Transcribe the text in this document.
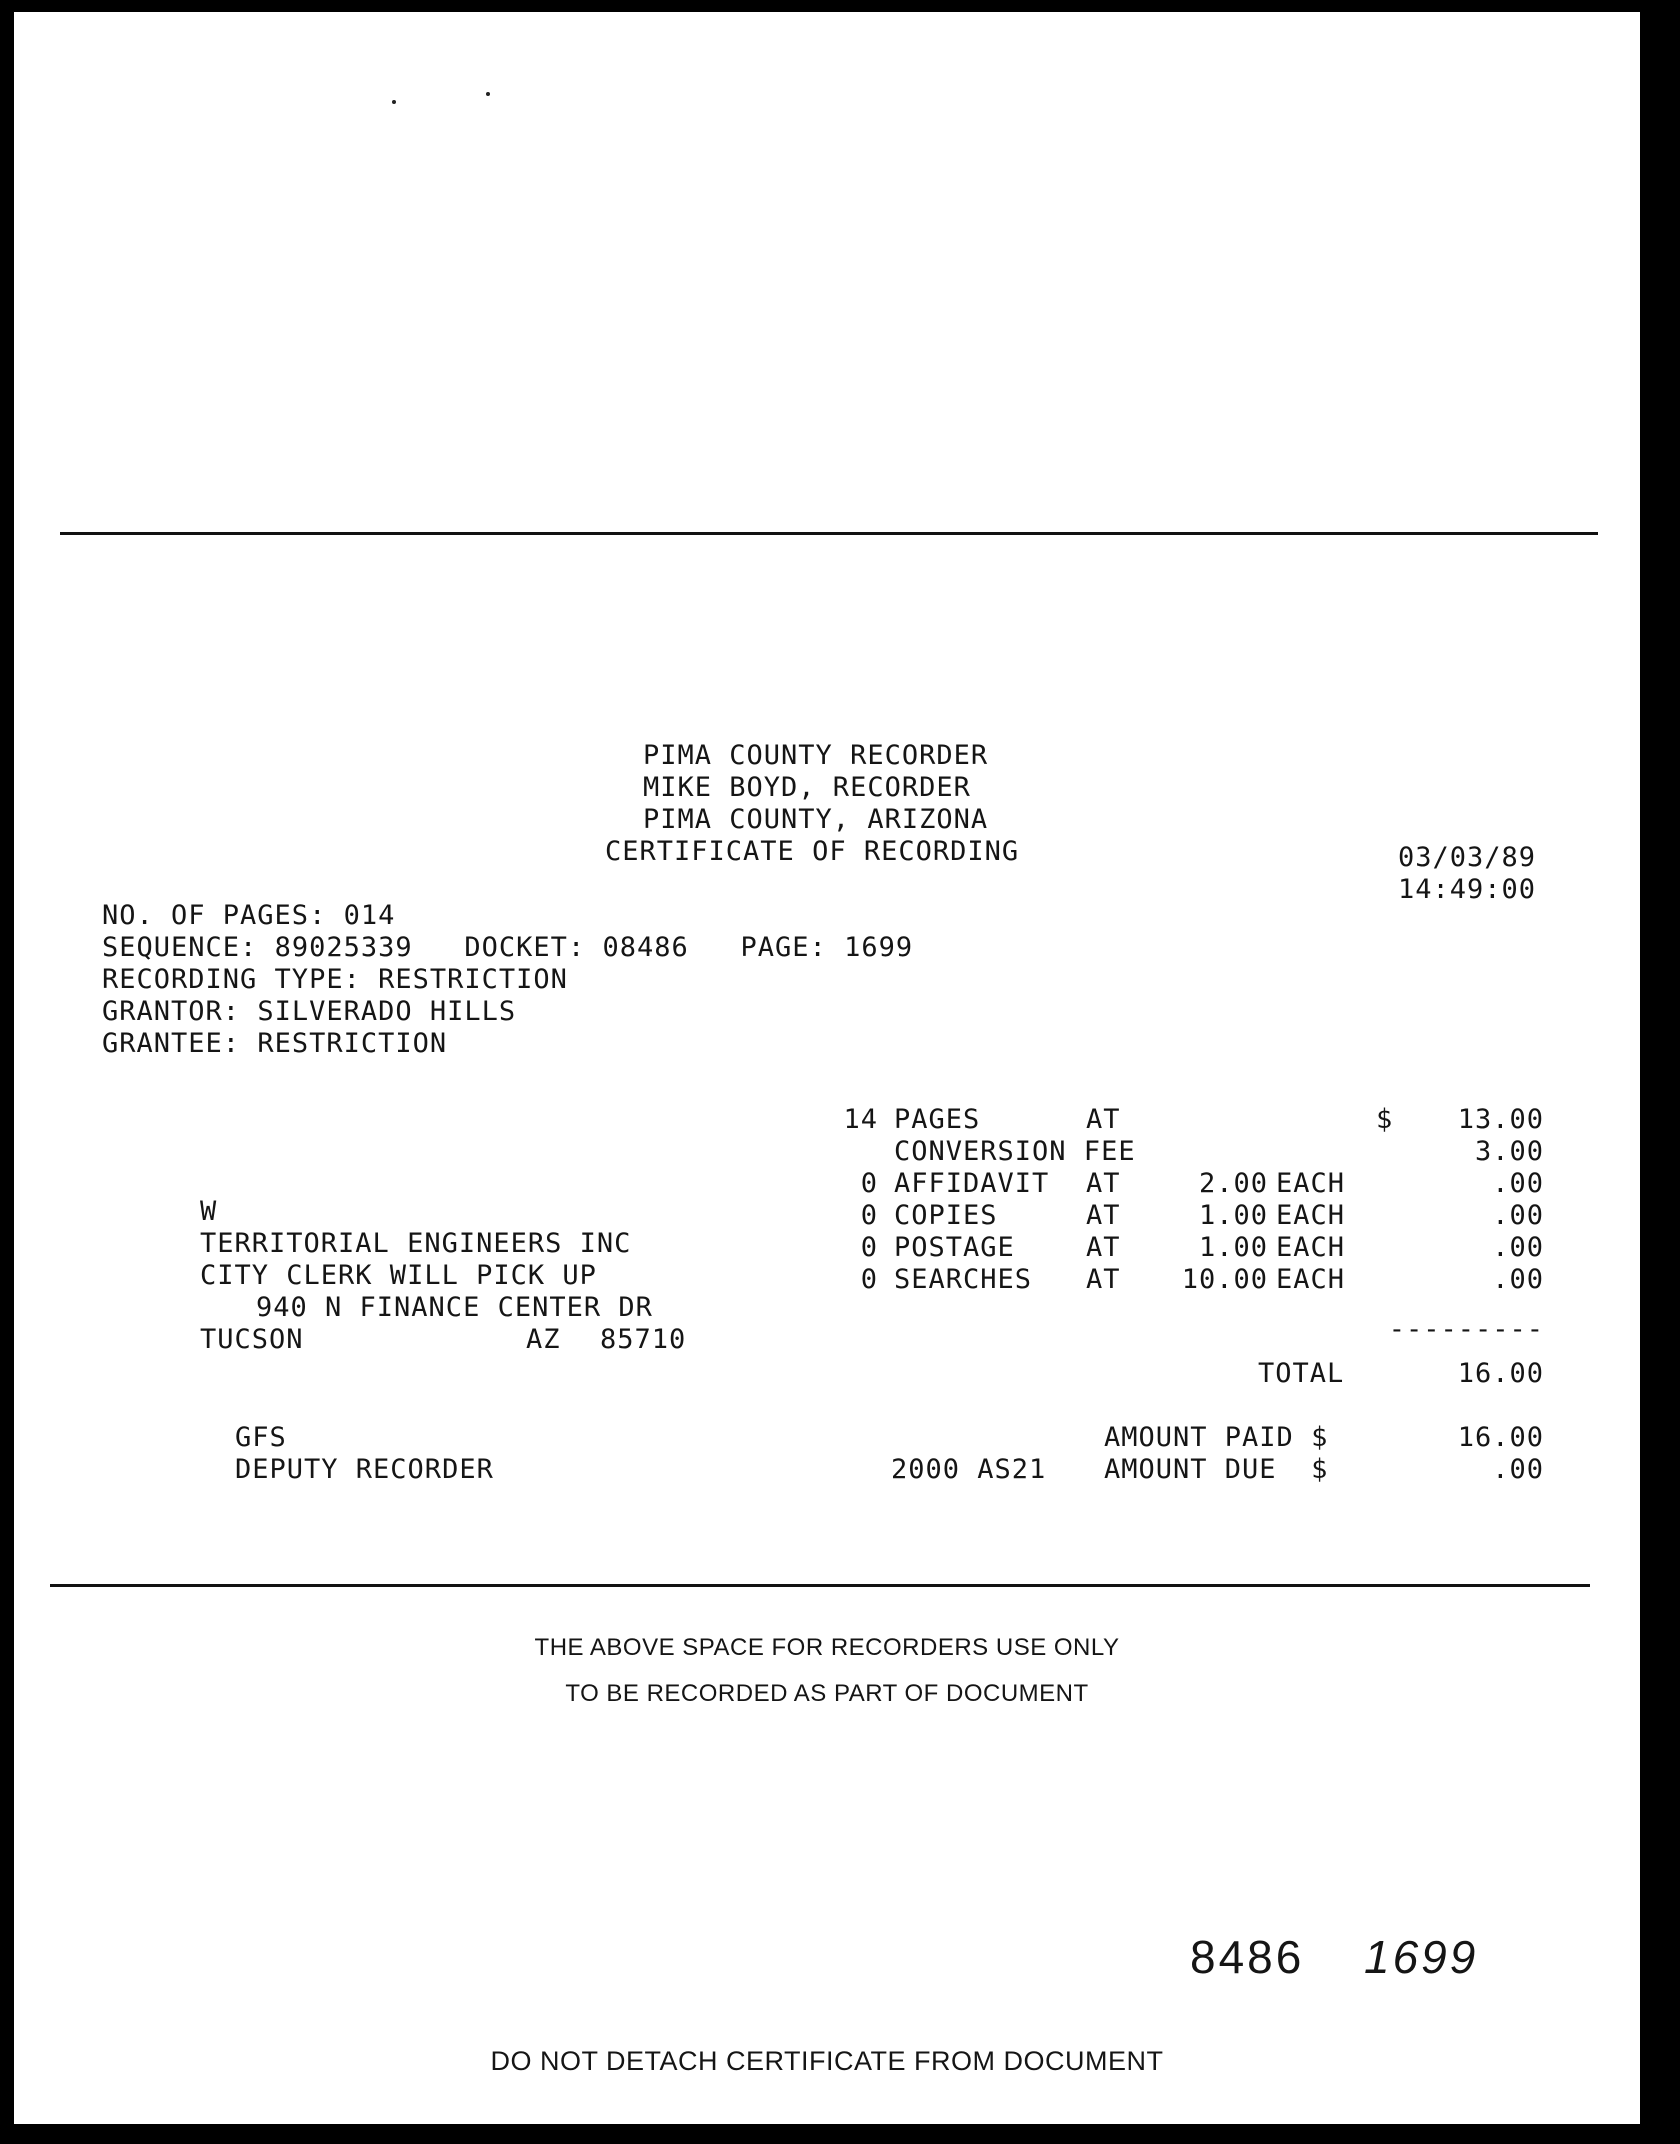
PIMA COUNTY RECORDER
MIKE BOYD, RECORDER
PIMA COUNTY, ARIZONA
CERTIFICATE OF RECORDING	03/03/89
14:49:00
NO. OF PAGES: 014
SEQUENCE: 89025339 DOCKET: 08486 PAGE: 1699
RECORDING TYPE: RESTRICTION
GRANTOR: SILVERADO HILLS
GRANTEE: RESTRICTION
W
TERRITORIAL ENGINEERS INC
CITY CLERK WILL PICK UP
940 N FINANCE CENTER DR
TUCSON	AZ 85710
14 PAGES	AT	$	13.00
CONVERSION FEE	3.00
0 AFFIDAVIT AT	2.00 EACH	.00
0 COPIES	AT	1.00 EACH	.00
0 POSTAGE	AT	1.00 EACH	.00
0 SEARCHES AT	10.00 EACH	.00
---------
TOTAL	16.00
GFS
DEPUTY RECORDER
AMOUNT PAID $	16.00
2000 AS21 AMOUNT DUE  $	.00
THE ABOVE SPACE FOR RECORDERS USE ONLY
TO BE RECORDED AS PART OF DOCUMENT
8486 1699
DO NOT DETACH CERTIFICATE FROM DOCUMENT
